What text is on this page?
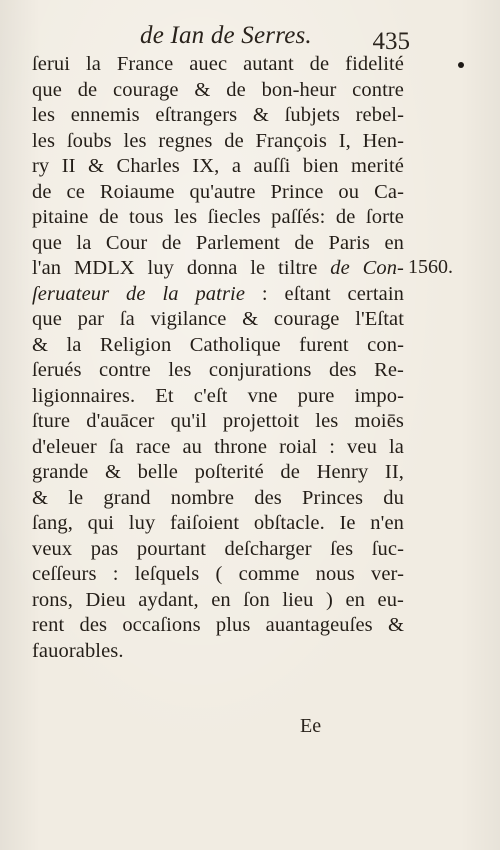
de Ian de Serres. 435
ſerui la France auec autant de fidelité
que de courage & de bon-heur contre
les ennemis eſtrangers & ſubjets rebel-
les ſoubs les regnes de François I, Hen-
ry II & Charles IX, a auſſi bien merité
de ce Roiaume qu'autre Prince ou Ca-
pitaine de tous les ſiecles paſſés: de ſorte
que la Cour de Parlement de Paris en
l'an MDLX luy donna le tiltre de Con-
ſeruateur de la patrie : eſtant certain
que par ſa vigilance & courage l'Eſtat
& la Religion Catholique furent con-
ſerués contre les conjurations des Re-
ligionnaires. Et c'eſt vne pure impo-
ſture d'auācer qu'il projettoit les moiēs
d'eleuer ſa race au throne roial : veu la
grande & belle poſterité de Henry II,
& le grand nombre des Princes du
ſang, qui luy faiſoient obſtacle. Ie n'en
veux pas pourtant deſcharger ſes ſuc-
ceſſeurs : leſquels ( comme nous ver-
rons, Dieu aydant, en ſon lieu ) en eu-
rent des occaſions plus auantageuſes &
fauorables.
1560.
Ee
